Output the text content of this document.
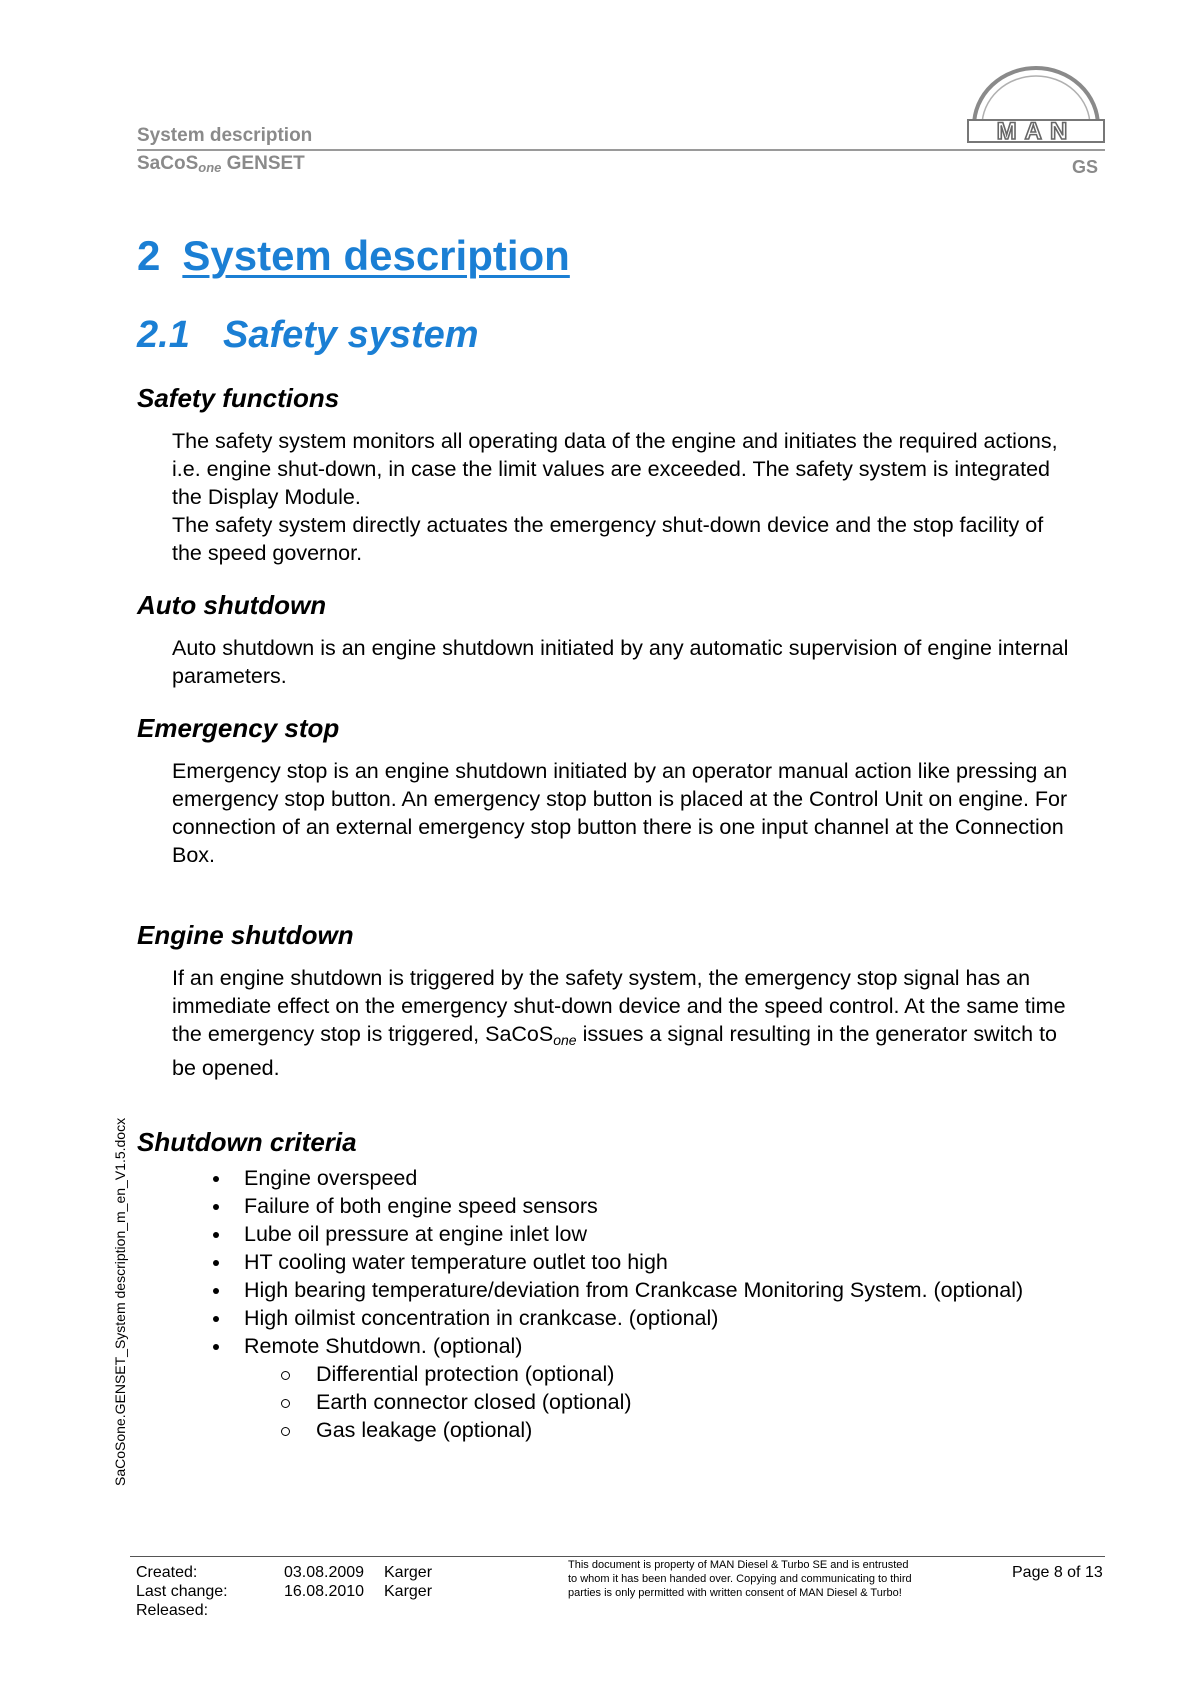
System description
SaCoS$_{one}$ GENSET	GS
MAN
SaCoSone.GENSET_System description_m_en_V1.5.docx
2 System description
2.1 Safety system
Safety functions
The safety system monitors all operating data of the engine and initiates the required actions,
i.e. engine shut-down, in case the limit values are exceeded. The safety system is integrated
the Display Module.
The safety system directly actuates the emergency shut-down device and the stop facility of
the speed governor.
Auto shutdown
Auto shutdown is an engine shutdown initiated by any automatic supervision of engine internal
parameters.
Emergency stop
Emergency stop is an engine shutdown initiated by an operator manual action like pressing an
emergency stop button. An emergency stop button is placed at the Control Unit on engine. For
connection of an external emergency stop button there is one input channel at the Connection
Box.
Engine shutdown
If an engine shutdown is triggered by the safety system, the emergency stop signal has an
immediate effect on the emergency shut-down device and the speed control. At the same time
the emergency stop is triggered, SaCoS$_{one}$ issues a signal resulting in the generator switch to
be opened.
Shutdown criteria
Engine overspeed
Failure of both engine speed sensors
Lube oil pressure at engine inlet low
HT cooling water temperature outlet too high
High bearing temperature/deviation from Crankcase Monitoring System. (optional)
High oilmist concentration in crankcase. (optional)
Remote Shutdown. (optional)
Differential protection (optional)
Earth connector closed (optional)
Gas leakage (optional)
Created:	03.08.2009 Karger
Last change:	16.08.2010 Karger
Released:
This document is property of MAN Diesel & Turbo SE and is entrusted
to whom it has been handed over. Copying and communicating to third
parties is only permitted with written consent of MAN Diesel & Turbo!
Page 8 of 13
